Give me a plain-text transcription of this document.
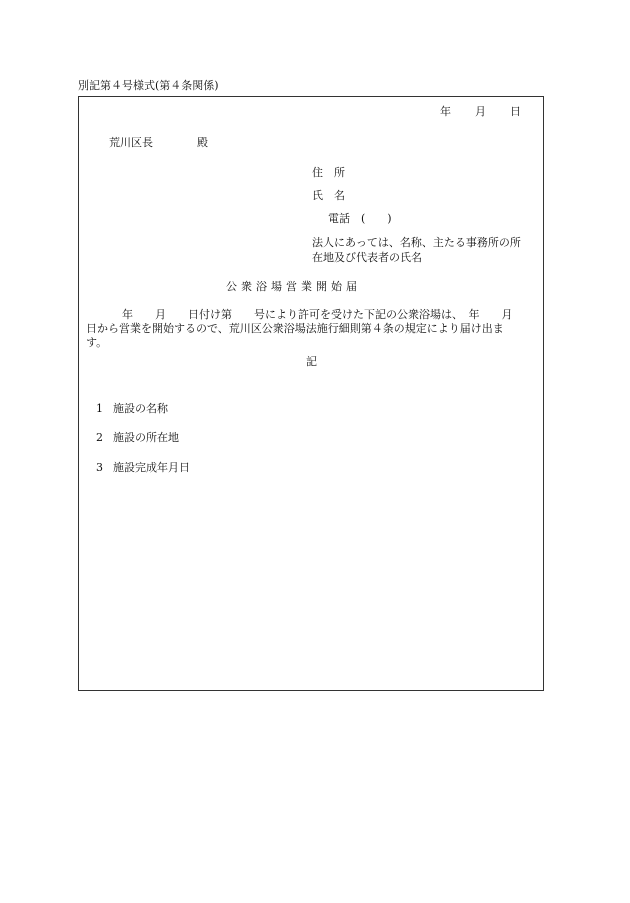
別記第４号様式(第４条関係)
年 月 日
荒川区長	殿
住　所
氏　名
電話　(　　)
法人にあっては、名称、主たる事務所の所在地及び代表者の氏名
公衆浴場営業開始届
年　　月　　日付け第　　号により許可を受けた下記の公衆浴場は、　年　　月　　日から営業を開始するので、荒川区公衆浴場法施行細則第４条の規定により届け出ます。
記
1 施設の名称
2 施設の所在地
3 施設完成年月日
